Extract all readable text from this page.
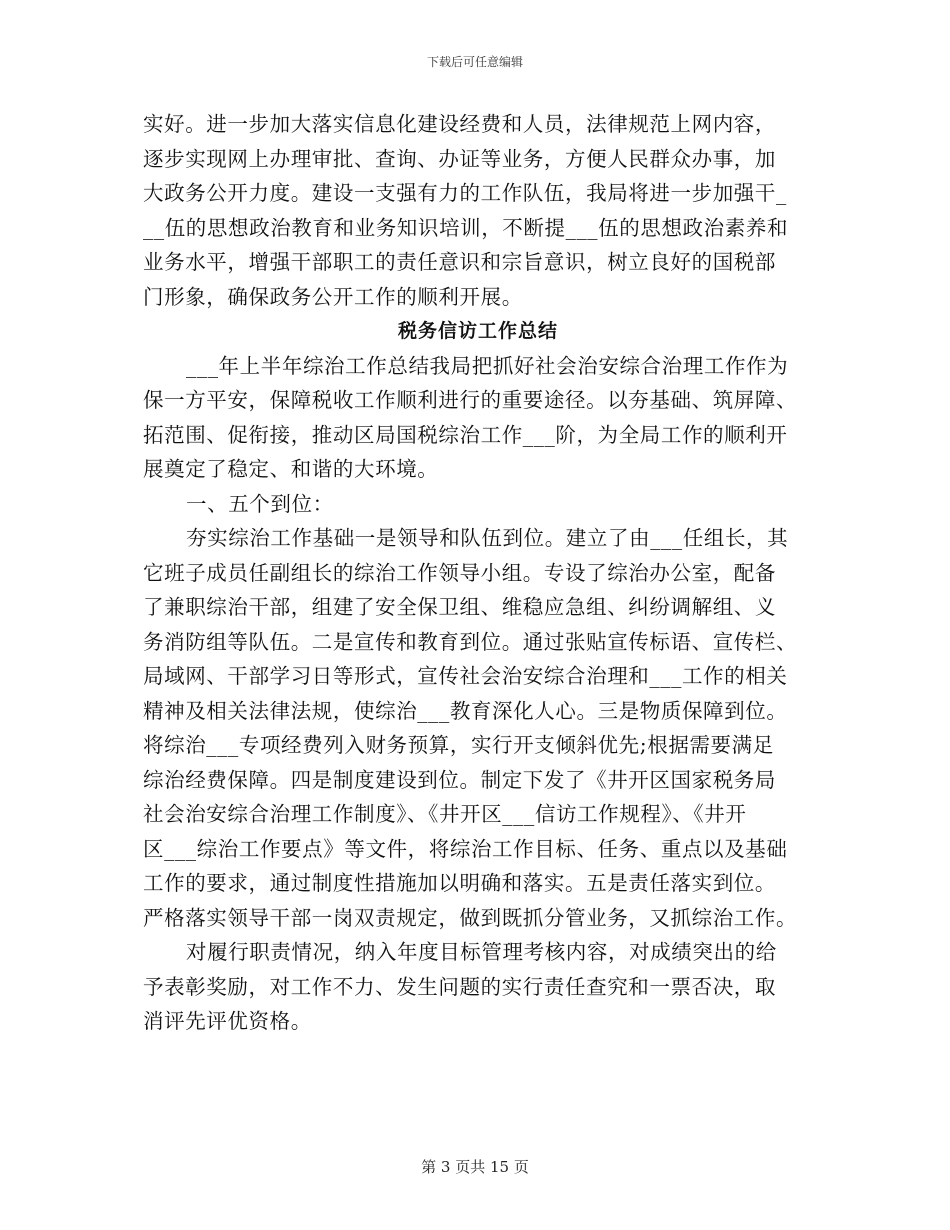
下载后可任意编辑
实好。进一步加大落实信息化建设经费和人员，法律规范上网内容，
逐步实现网上办理审批、查询、办证等业务，方便人民群众办事，加
大政务公开力度。建设一支强有力的工作队伍，我局将进一步加强干_
__伍的思想政治教育和业务知识培训，不断提___伍的思想政治素养和
业务水平，增强干部职工的责任意识和宗旨意识，树立良好的国税部
门形象，确保政务公开工作的顺利开展。
税务信访工作总结
___年上半年综治工作总结我局把抓好社会治安综合治理工作作为
保一方平安，保障税收工作顺利进行的重要途径。以夯基础、筑屏障、
拓范围、促衔接，推动区局国税综治工作___阶，为全局工作的顺利开
展奠定了稳定、和谐的大环境。
一、五个到位：
夯实综治工作基础一是领导和队伍到位。建立了由___任组长，其
它班子成员任副组长的综治工作领导小组。专设了综治办公室，配备
了兼职综治干部，组建了安全保卫组、维稳应急组、纠纷调解组、义
务消防组等队伍。二是宣传和教育到位。通过张贴宣传标语、宣传栏、
局域网、干部学习日等形式，宣传社会治安综合治理和___工作的相关
精神及相关法律法规，使综治___教育深化人心。三是物质保障到位。
将综治___专项经费列入财务预算，实行开支倾斜优先;根据需要满足
综治经费保障。四是制度建设到位。制定下发了《井开区国家税务局
社会治安综合治理工作制度》、《井开区___信访工作规程》、《井开
区___综治工作要点》等文件，将综治工作目标、任务、重点以及基础
工作的要求，通过制度性措施加以明确和落实。五是责任落实到位。
严格落实领导干部一岗双责规定，做到既抓分管业务，又抓综治工作。
对履行职责情况，纳入年度目标管理考核内容，对成绩突出的给
予表彰奖励，对工作不力、发生问题的实行责任查究和一票否决，取
消评先评优资格。
第 3 页共 15 页
